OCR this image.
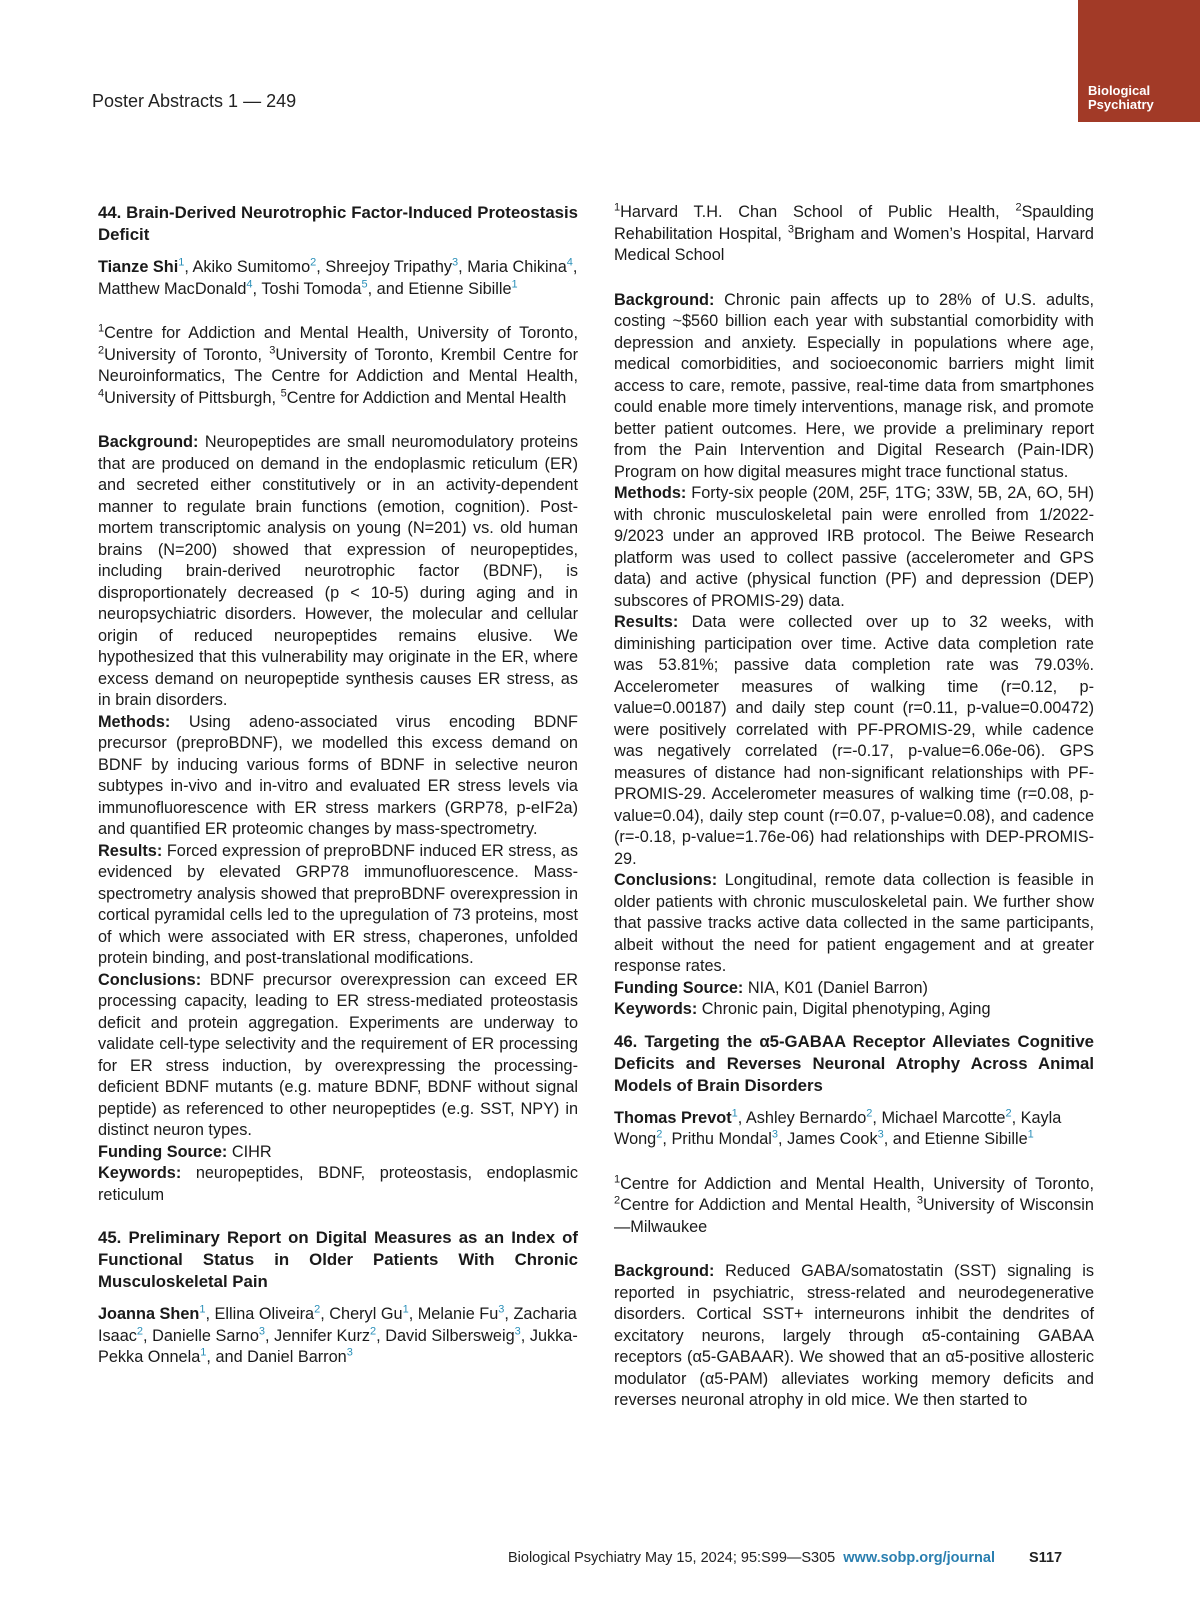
Poster Abstracts 1 — 249
Biological Psychiatry
44. Brain-Derived Neurotrophic Factor-Induced Proteostasis Deficit
Tianze Shi$^1$, Akiko Sumitomo$^2$, Shreejoy Tripathy$^3$, Maria Chikina$^4$, Matthew MacDonald$^4$, Toshi Tomoda$^5$, and Etienne Sibille$^1$
$^1$Centre for Addiction and Mental Health, University of Toronto, $^2$University of Toronto, $^3$University of Toronto, Krembil Centre for Neuroinformatics, The Centre for Addiction and Mental Health, $^4$University of Pittsburgh, $^5$Centre for Addiction and Mental Health

Background: Neuropeptides are small neuromodulatory proteins that are produced on demand in the endoplasmic reticulum (ER) and secreted either constitutively or in an activity-dependent manner to regulate brain functions (emotion, cognition). Post-mortem transcriptomic analysis on young (N=201) vs. old human brains (N=200) showed that expression of neuropeptides, including brain-derived neurotrophic factor (BDNF), is disproportionately decreased (p < 10-5) during aging and in neuropsychiatric disorders. However, the molecular and cellular origin of reduced neuropeptides remains elusive. We hypothesized that this vulnerability may originate in the ER, where excess demand on neuropeptide synthesis causes ER stress, as in brain disorders.

Methods: Using adeno-associated virus encoding BDNF precursor (preproBDNF), we modelled this excess demand on BDNF by inducing various forms of BDNF in selective neuron subtypes in-vivo and in-vitro and evaluated ER stress levels via immunofluorescence with ER stress markers (GRP78, p-eIF2a) and quantified ER proteomic changes by mass-spectrometry.

Results: Forced expression of preproBDNF induced ER stress, as evidenced by elevated GRP78 immunofluorescence. Mass-spectrometry analysis showed that preproBDNF overexpression in cortical pyramidal cells led to the upregulation of 73 proteins, most of which were associated with ER stress, chaperones, unfolded protein binding, and post-translational modifications.

Conclusions: BDNF precursor overexpression can exceed ER processing capacity, leading to ER stress-mediated proteostasis deficit and protein aggregation. Experiments are underway to validate cell-type selectivity and the requirement of ER processing for ER stress induction, by overexpressing the processing-deficient BDNF mutants (e.g. mature BDNF, BDNF without signal peptide) as referenced to other neuropeptides (e.g. SST, NPY) in distinct neuron types.

Funding Source: CIHR

Keywords: neuropeptides, BDNF, proteostasis, endoplasmic reticulum

45. Preliminary Report on Digital Measures as an Index of Functional Status in Older Patients With Chronic Musculoskeletal Pain
Joanna Shen$^1$, Ellina Oliveira$^2$, Cheryl Gu$^1$, Melanie Fu$^3$, Zacharia Isaac$^2$, Danielle Sarno$^3$, Jennifer Kurz$^2$, David Silbersweig$^3$, Jukka-Pekka Onnela$^1$, and Daniel Barron$^3$
$^1$Harvard T.H. Chan School of Public Health, $^2$Spaulding Rehabilitation Hospital, $^3$Brigham and Women’s Hospital, Harvard Medical School

Background: Chronic pain affects up to 28% of U.S. adults, costing ~$560 billion each year with substantial comorbidity with depression and anxiety. Especially in populations where age, medical comorbidities, and socioeconomic barriers might limit access to care, remote, passive, real-time data from smartphones could enable more timely interventions, manage risk, and promote better patient outcomes. Here, we provide a preliminary report from the Pain Intervention and Digital Research (Pain-IDR) Program on how digital measures might trace functional status.

Methods: Forty-six people (20M, 25F, 1TG; 33W, 5B, 2A, 6O, 5H) with chronic musculoskeletal pain were enrolled from 1/2022-9/2023 under an approved IRB protocol. The Beiwe Research platform was used to collect passive (accelerometer and GPS data) and active (physical function (PF) and depression (DEP) subscores of PROMIS-29) data.

Results: Data were collected over up to 32 weeks, with diminishing participation over time. Active data completion rate was 53.81%; passive data completion rate was 79.03%. Accelerometer measures of walking time (r=0.12, p-value=0.00187) and daily step count (r=0.11, p-value=0.00472) were positively correlated with PF-PROMIS-29, while cadence was negatively correlated (r=-0.17, p-value=6.06e-06). GPS measures of distance had non-significant relationships with PF-PROMIS-29. Accelerometer measures of walking time (r=0.08, p-value=0.04), daily step count (r=0.07, p-value=0.08), and cadence (r=-0.18, p-value=1.76e-06) had relationships with DEP-PROMIS-29.

Conclusions: Longitudinal, remote data collection is feasible in older patients with chronic musculoskeletal pain. We further show that passive tracks active data collected in the same participants, albeit without the need for patient engagement and at greater response rates.

Funding Source: NIA, K01 (Daniel Barron)

Keywords: Chronic pain, Digital phenotyping, Aging

46. Targeting the α5-GABAA Receptor Alleviates Cognitive Deficits and Reverses Neuronal Atrophy Across Animal Models of Brain Disorders
Thomas Prevot$^1$, Ashley Bernardo$^2$, Michael Marcotte$^2$, Kayla Wong$^2$, Prithu Mondal$^3$, James Cook$^3$, and Etienne Sibille$^1$
$^1$Centre for Addiction and Mental Health, University of Toronto, $^2$Centre for Addiction and Mental Health, $^3$University of Wisconsin—Milwaukee

Background: Reduced GABA/somatostatin (SST) signaling is reported in psychiatric, stress-related and neurodegenerative disorders. Cortical SST+ interneurons inhibit the dendrites of excitatory neurons, largely through α5-containing GABAA receptors (α5-GABAAR). We showed that an α5-positive allosteric modulator (α5-PAM) alleviates working memory deficits and reverses neuronal atrophy in old mice. We then started to

Biological Psychiatry May 15, 2024; 95:S99—S305 www.sobp.org/journal S117
